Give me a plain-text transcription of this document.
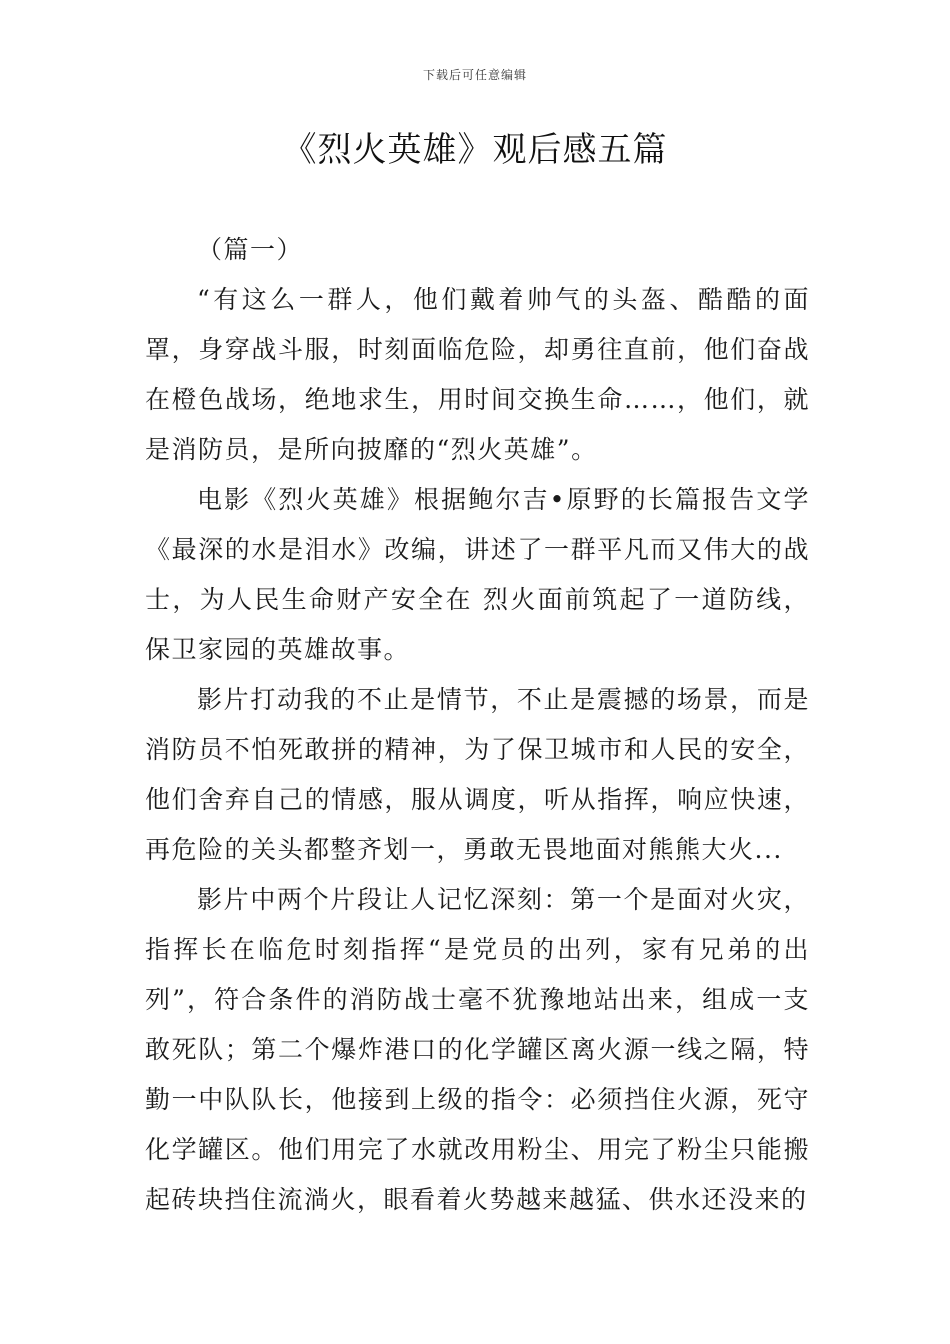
下载后可任意编辑
《烈火英雄》观后感五篇

（篇一）

“有这么一群人，他们戴着帅气的头盔、酷酷的面罩，身穿战斗服，时刻面临危险，却勇往直前，他们奋战在橙色战场，绝地求生，用时间交换生命……，他们，就是消防员，是所向披靡的“烈火英雄”。

电影《烈火英雄》根据鲍尔吉•原野的长篇报告文学《最深的水是泪水》改编，讲述了一群平凡而又伟大的战士，为人民生命财产安全在 烈火面前筑起了一道防线，保卫家园的英雄故事。

影片打动我的不止是情节，不止是震撼的场景，而是消防员不怕死敢拼的精神，为了保卫城市和人民的安全，他们舍弃自己的情感，服从调度，听从指挥，响应快速，再危险的关头都整齐划一，勇敢无畏地面对熊熊大火...

影片中两个片段让人记忆深刻：第一个是面对火灾，指挥长在临危时刻指挥“是党员的出列，家有兄弟的出列”，符合条件的消防战士毫不犹豫地站出来，组成一支敢死队；第二个爆炸港口的化学罐区离火源一线之隔，特勤一中队队长，他接到上级的指令：必须挡住火源，死守化学罐区。他们用完了水就改用粉尘、用完了粉尘只能搬起砖块挡住流淌火，眼看着火势越来越猛、供水还没来的
